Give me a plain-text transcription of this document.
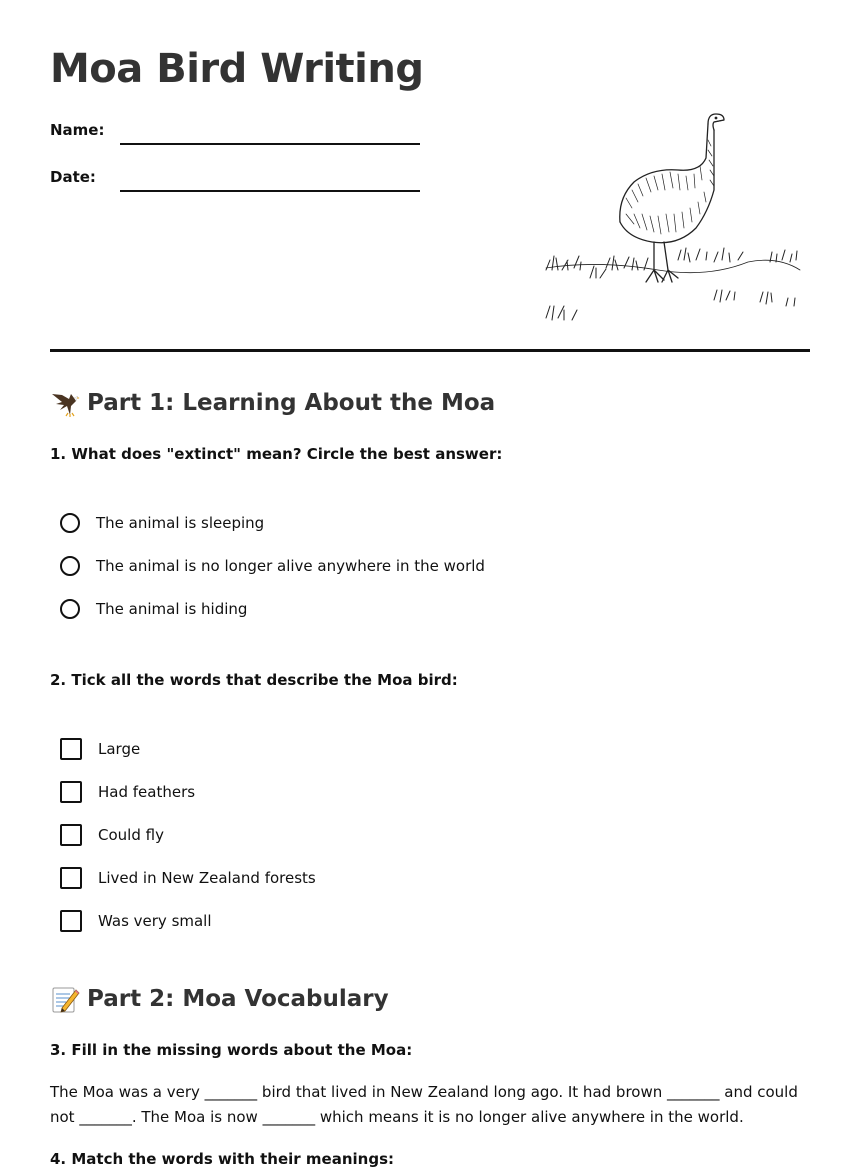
Moa Bird Writing
Name:
Date:
Part 1: Learning About the Moa
1. What does "extinct" mean? Circle the best answer:
The animal is sleeping
The animal is no longer alive anywhere in the world
The animal is hiding
2. Tick all the words that describe the Moa bird:
Large
Had feathers
Could fly
Lived in New Zealand forests
Was very small
Part 2: Moa Vocabulary
3. Fill in the missing words about the Moa:
The Moa was a very _______ bird that lived in New Zealand long ago. It had brown _______ and could not _______. The Moa is now _______ which means it is no longer alive anywhere in the world.
4. Match the words with their meanings:
